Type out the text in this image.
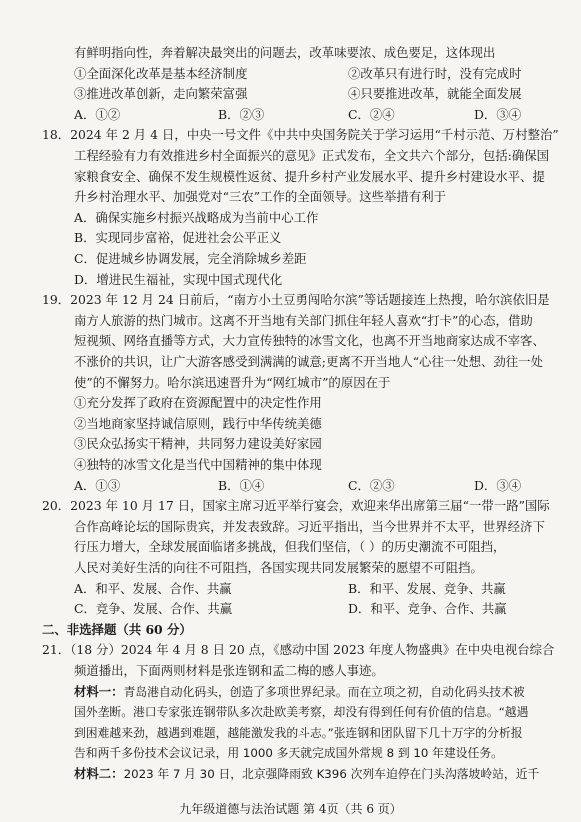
有鲜明指向性，奔着解决最突出的问题去，改革味要浓、成色要足，这体现出
①全面深化改革是基本经济制度	②改革只有进行时，没有完成时
③推进改革创新，走向繁荣富强	④只要推进改革，就能全面发展
A．①②	B．②③	C．②④	D．③④
18．2024 年 2 月 4 日，中央一号文件《中共中央国务院关于学习运用“千村示范、万村整治”
工程经验有力有效推进乡村全面振兴的意见》正式发布，全文共六个部分，包括:确保国
家粮食安全、确保不发生规模性返贫、提升乡村产业发展水平、提升乡村建设水平、提
升乡村治理水平、加强党对“三农”工作的全面领导。这些举措有利于
A．确保实施乡村振兴战略成为当前中心工作
B．实现同步富裕，促进社会公平正义
C．促进城乡协调发展，完全消除城乡差距
D．增进民生福祉，实现中国式现代化
19．2023 年 12 月 24 日前后，“南方小土豆勇闯哈尔滨”等话题接连上热搜，哈尔滨依旧是
南方人旅游的热门城市。这离不开当地有关部门抓住年轻人喜欢“打卡”的心态，借助
短视频、网络直播等方式，大力宣传独特的冰雪文化，也离不开当地商家达成不宰客、
不涨价的共识，让广大游客感受到满满的诚意;更离不开当地人“心往一处想、劲往一处
使”的不懈努力。哈尔滨迅速晋升为“网红城市”的原因在于
①充分发挥了政府在资源配置中的决定性作用
②当地商家坚持诚信原则，践行中华传统美德
③民众弘扬实干精神，共同努力建设美好家园
④独特的冰雪文化是当代中国精神的集中体现
A．①③	B．①④	C．②③	D．③④
20．2023 年 10 月 17 日，国家主席习近平举行宴会，欢迎来华出席第三届“一带一路”国际
合作高峰论坛的国际贵宾，并发表致辞。习近平指出，当今世界并不太平，世界经济下
行压力增大，全球发展面临诸多挑战，但我们坚信，（ ）的历史潮流不可阻挡，
人民对美好生活的向往不可阻挡，各国实现共同发展繁荣的愿望不可阻挡。
A．和平、发展、合作、共赢	B．和平、发展、竞争、共赢
C．竞争、发展、合作、共赢	D．和平、竞争、合作、共赢
二、非选择题（共 60 分）
21．（18 分）2024 年 4 月 8 日 20 点，《感动中国 2023 年度人物盛典》在中央电视台综合
频道播出，下面两则材料是张连钢和孟二梅的感人事迹。
材料一：青岛港自动化码头，创造了多项世界纪录。而在立项之初，自动化码头技术被
国外垄断。港口专家张连钢带队多次赴欧美考察，却没有得到任何有价值的信息。“越遇
到困难越来劲，越遇到难题，越能激发我的斗志。”张连钢和团队留下几十万字的分析报
告和两千多份技术会议记录，用 1000 多天就完成国外常规 8 到 10 年建设任务。
九年级道德与法治试题 第 4页（共 6 页）
材料二：2023 年 7 月 30 日，北京强降雨致 K396 次列车迫停在门头沟落坡岭站，近千
